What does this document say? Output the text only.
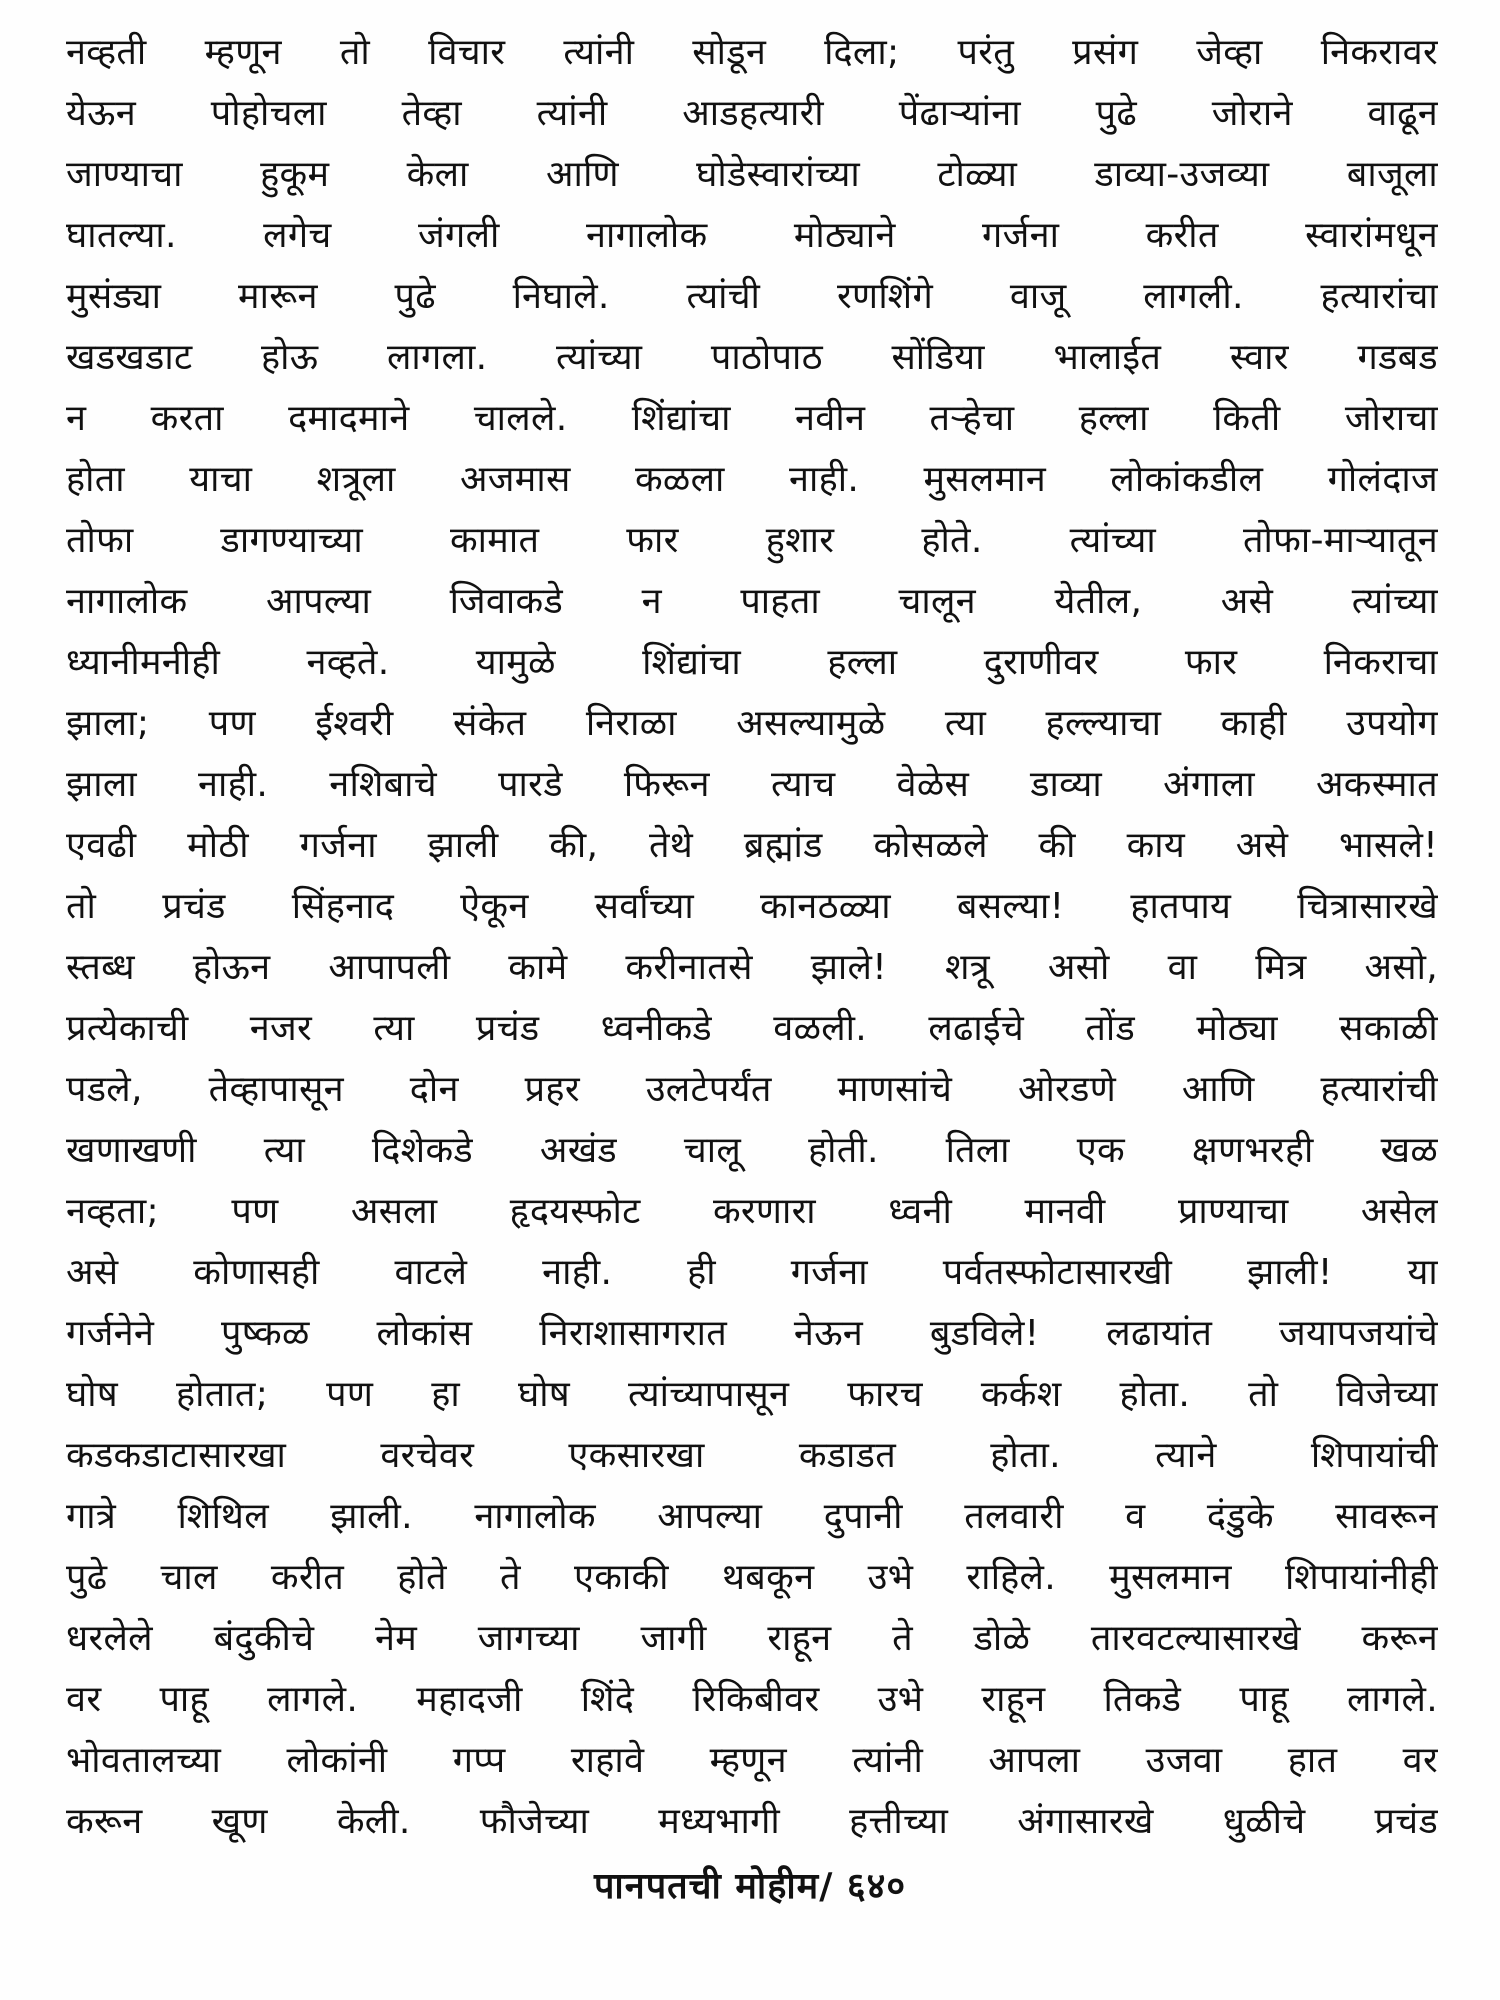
नव्हती म्हणून तो विचार त्यांनी सोडून दिला; परंतु प्रसंग जेव्हा निकरावर
येऊन पोहोचला तेव्हा त्यांनी आडहत्यारी पेंढाऱ्यांना पुढे जोराने वाढून
जाण्याचा हुकूम केला आणि घोडेस्वारांच्या टोळ्या डाव्या-उजव्या बाजूला
घातल्या. लगेच जंगली नागालोक मोठ्याने गर्जना करीत स्वारांमधून
मुसंड्या मारून पुढे निघाले. त्यांची रणशिंगे वाजू लागली. हत्यारांचा
खडखडाट होऊ लागला. त्यांच्या पाठोपाठ सोंडिया भालाईत स्वार गडबड
न करता दमादमाने चालले. शिंद्यांचा नवीन तऱ्हेचा हल्ला किती जोराचा
होता याचा शत्रूला अजमास कळला नाही. मुसलमान लोकांकडील गोलंदाज
तोफा डागण्याच्या कामात फार हुशार होते. त्यांच्या तोफा-माऱ्यातून
नागालोक आपल्या जिवाकडे न पाहता चालून येतील, असे त्यांच्या
ध्यानीमनीही नव्हते. यामुळे शिंद्यांचा हल्ला दुराणीवर फार निकराचा
झाला; पण ईश्वरी संकेत निराळा असल्यामुळे त्या हल्ल्याचा काही उपयोग
झाला नाही. नशिबाचे पारडे फिरून त्याच वेळेस डाव्या अंगाला अकस्मात
एवढी मोठी गर्जना झाली की, तेथे ब्रह्मांड कोसळले की काय असे भासले!
तो प्रचंड सिंहनाद ऐकून सर्वांच्या कानठळ्या बसल्या! हातपाय चित्रासारखे
स्तब्ध होऊन आपापली कामे करीनातसे झाले! शत्रू असो वा मित्र असो,
प्रत्येकाची नजर त्या प्रचंड ध्वनीकडे वळली. लढाईचे तोंड मोठ्या सकाळी
पडले, तेव्हापासून दोन प्रहर उलटेपर्यंत माणसांचे ओरडणे आणि हत्यारांची
खणाखणी त्या दिशेकडे अखंड चालू होती. तिला एक क्षणभरही खळ
नव्हता; पण असला हृदयस्फोट करणारा ध्वनी मानवी प्राण्याचा असेल
असे कोणासही वाटले नाही. ही गर्जना पर्वतस्फोटासारखी झाली! या
गर्जनेने पुष्कळ लोकांस निराशासागरात नेऊन बुडविले! लढायांत जयापजयांचे
घोष होतात; पण हा घोष त्यांच्यापासून फारच कर्कश होता. तो विजेच्या
कडकडाटासारखा वरचेवर एकसारखा कडाडत होता. त्याने शिपायांची
गात्रे शिथिल झाली. नागालोक आपल्या दुपानी तलवारी व दंडुके सावरून
पुढे चाल करीत होते ते एकाकी थबकून उभे राहिले. मुसलमान शिपायांनीही
धरलेले बंदुकीचे नेम जागच्या जागी राहून ते डोळे तारवटल्यासारखे करून
वर पाहू लागले. महादजी शिंदे रिकिबीवर उभे राहून तिकडे पाहू लागले.
भोवतालच्या लोकांनी गप्प राहावे म्हणून त्यांनी आपला उजवा हात वर
करून खूण केली. फौजेच्या मध्यभागी हत्तीच्या अंगासारखे धुळीचे प्रचंड
पानपतची मोहीम/ ६४०
